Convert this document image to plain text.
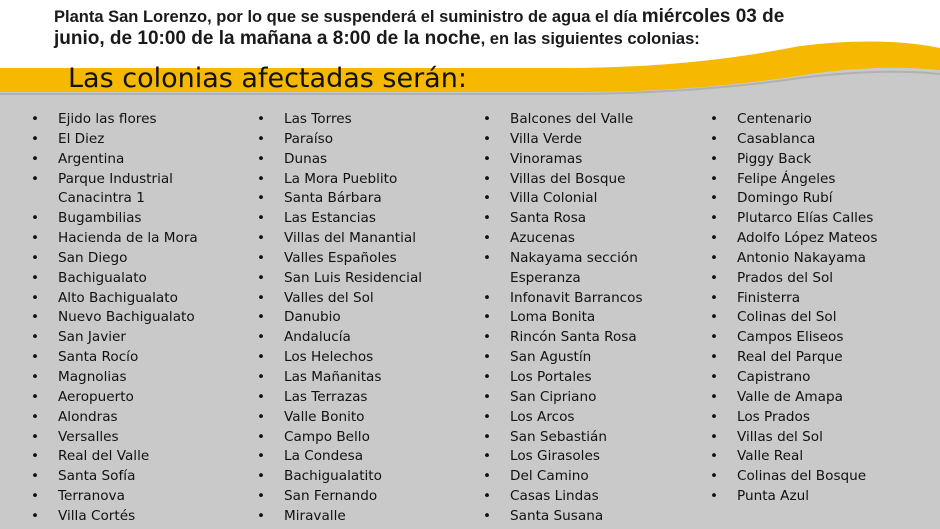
Planta San Lorenzo, por lo que se suspenderá el suministro de agua el día miércoles 03 de
junio, de 10:00 de la mañana a 8:00 de la noche, en las siguientes colonias:
Las colonias afectadas serán:
• Ejido las flores
• El Diez
• Argentina
• Parque Industrial
Canacintra 1
• Bugambilias
• Hacienda de la Mora
• San Diego
• Bachigualato
• Alto Bachigualato
• Nuevo Bachigualato
• San Javier
• Santa Rocío
• Magnolias
• Aeropuerto
• Alondras
• Versalles
• Real del Valle
• Santa Sofía
• Terranova
• Villa Cortés
• Las Torres
• Paraíso
• Dunas
• La Mora Pueblito
• Santa Bárbara
• Las Estancias
• Villas del Manantial
• Valles Españoles
• San Luis Residencial
• Valles del Sol
• Danubio
• Andalucía
• Los Helechos
• Las Mañanitas
• Las Terrazas
• Valle Bonito
• Campo Bello
• La Condesa
• Bachigualatito
• San Fernando
• Miravalle
• Balcones del Valle
• Villa Verde
• Vinoramas
• Villas del Bosque
• Villa Colonial
• Santa Rosa
• Azucenas
• Nakayama sección
Esperanza
• Infonavit Barrancos
• Loma Bonita
• Rincón Santa Rosa
• San Agustín
• Los Portales
• San Cipriano
• Los Arcos
• San Sebastián
• Los Girasoles
• Del Camino
• Casas Lindas
• Santa Susana
• Centenario
• Casablanca
• Piggy Back
• Felipe Ángeles
• Domingo Rubí
• Plutarco Elías Calles
• Adolfo López Mateos
• Antonio Nakayama
• Prados del Sol
• Finisterra
• Colinas del Sol
• Campos Eliseos
• Real del Parque
• Capistrano
• Valle de Amapa
• Los Prados
• Villas del Sol
• Valle Real
• Colinas del Bosque
• Punta Azul
